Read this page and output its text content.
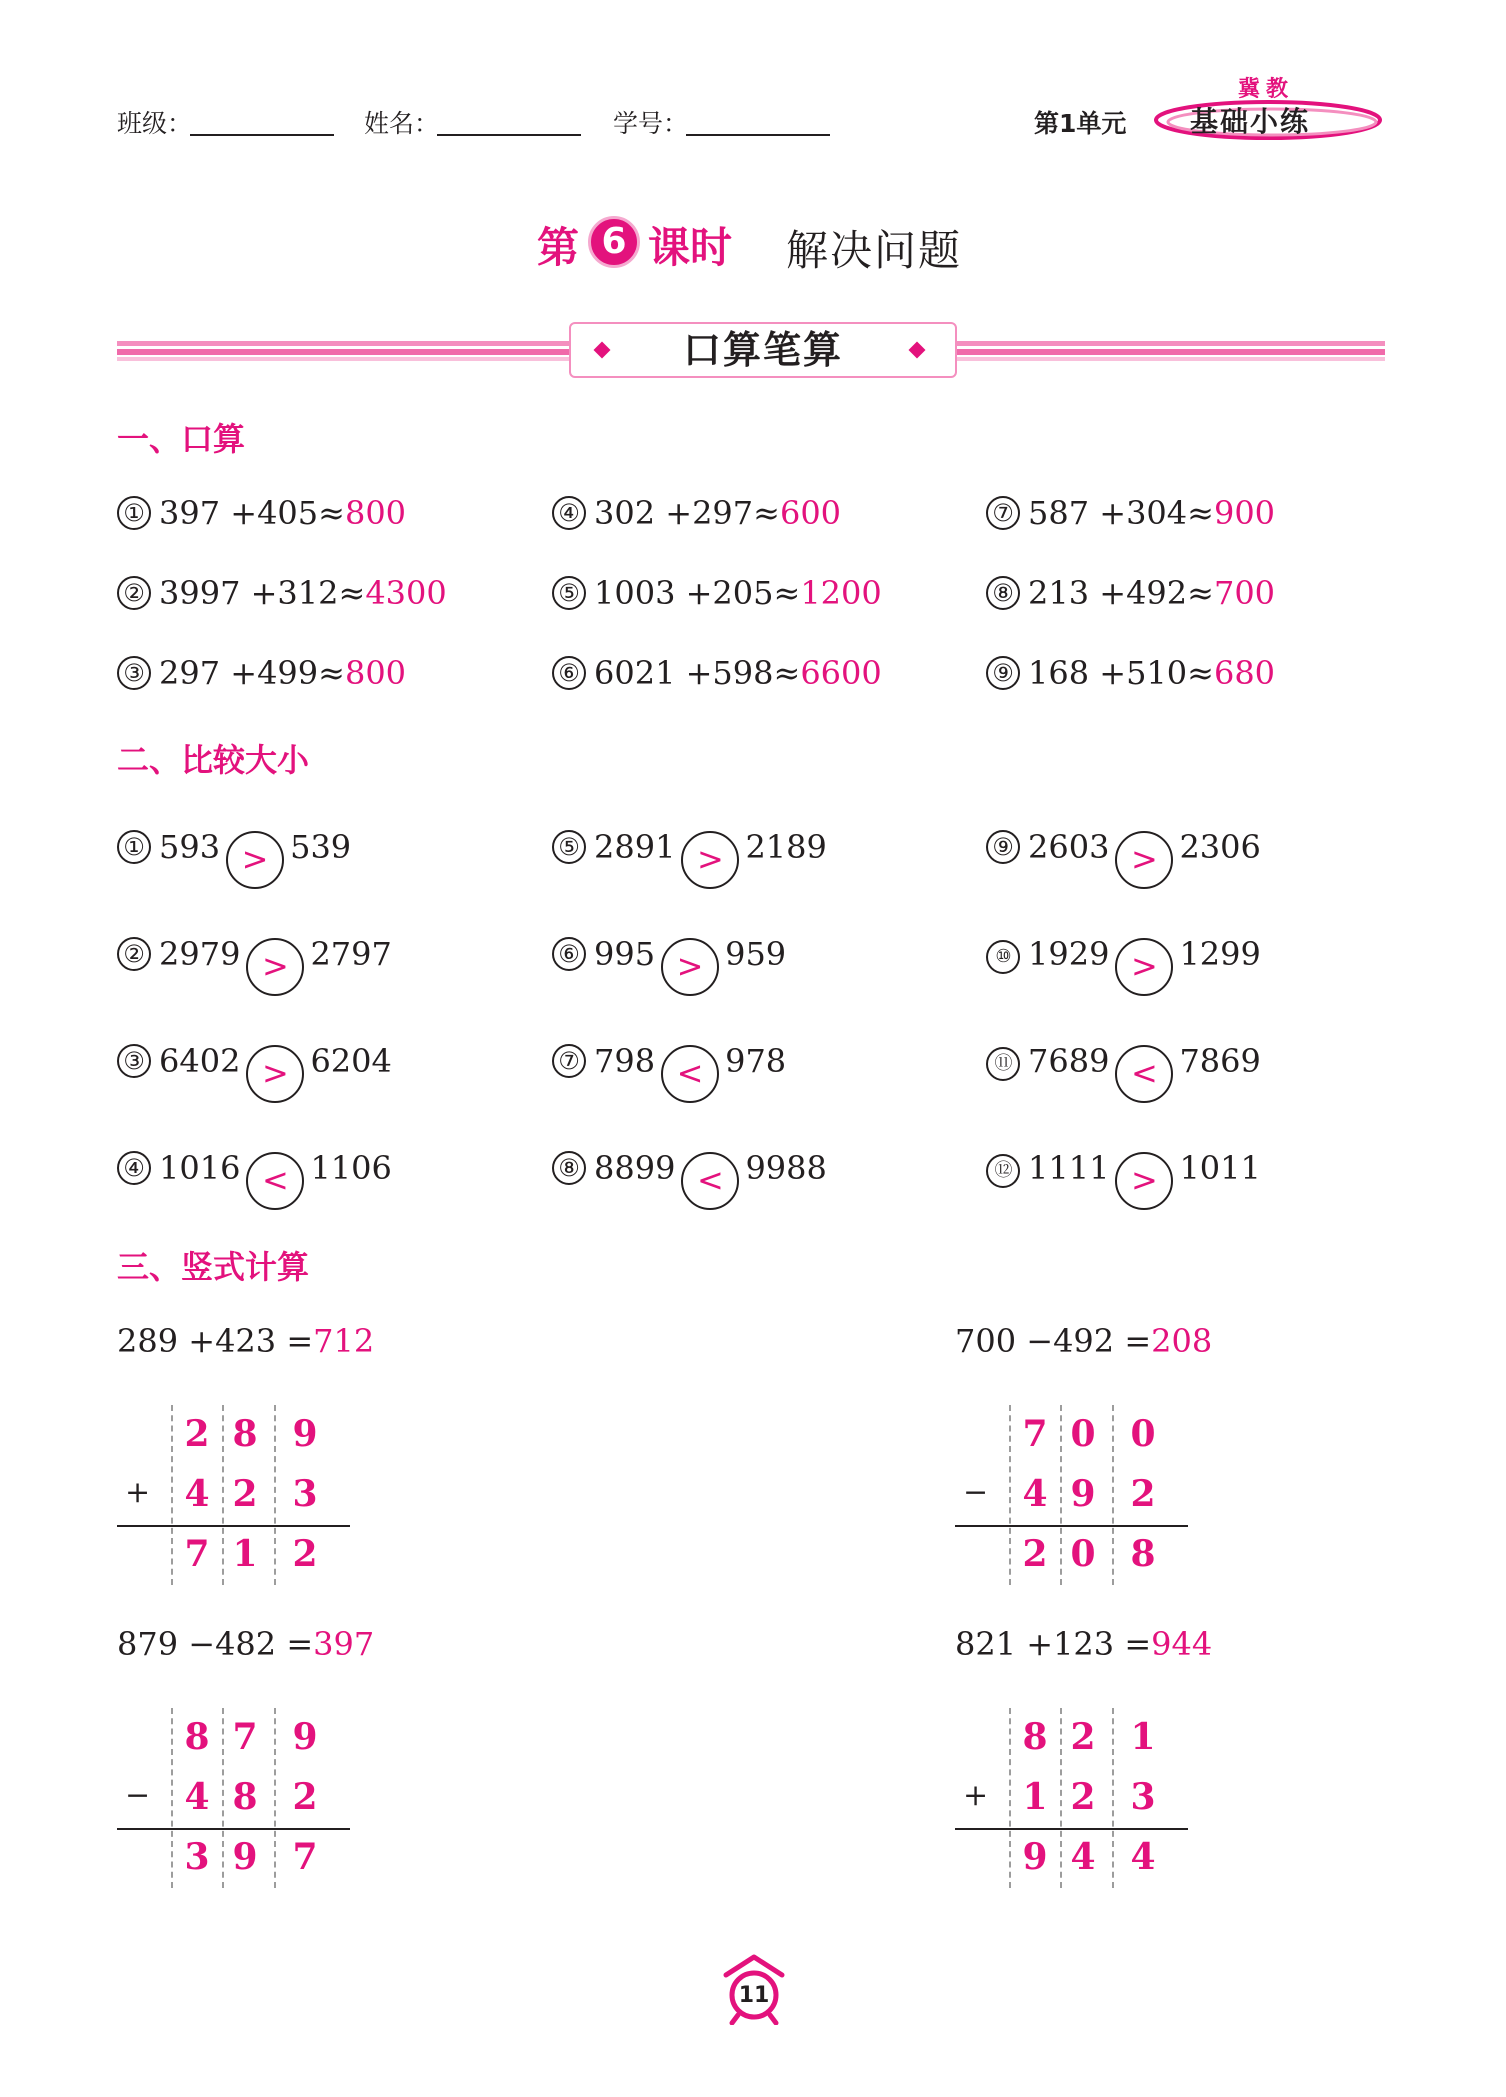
班级：	姓名：	学号：	第1单元
冀教
基础小练
第 6 课时 解决问题
口算笔算
一、口算
① 397 +405≈800	④ 302 +297≈600	⑦ 587 +304≈900
② 3997 +312≈4300	⑤ 1003 +205≈1200	⑧ 213 +492≈700
③ 297 +499≈800	⑥ 6021 +598≈6600	⑨ 168 +510≈680
二、比较大小
① 593 > 539	⑤ 2891 > 2189	⑨ 2603 > 2306
② 2979 > 2797	⑥ 995 > 959	⑩ 1929 > 1299
③ 6402 > 6204	⑦ 798 < 978	⑪ 7689 < 7869
④ 1016 < 1106	⑧ 8899 < 9988	⑫ 1111 > 1011
三、竖式计算
289 +423 =712
2 8 9
+ 4 2 3
7 1 2
700 −492 =208
7 0 0
− 4 9 2
2 0 8
879 −482 =397
8 7 9
− 4 8 2
3 9 7
821 +123 =944
8 2 1
+ 1 2 3
9 4 4
11
